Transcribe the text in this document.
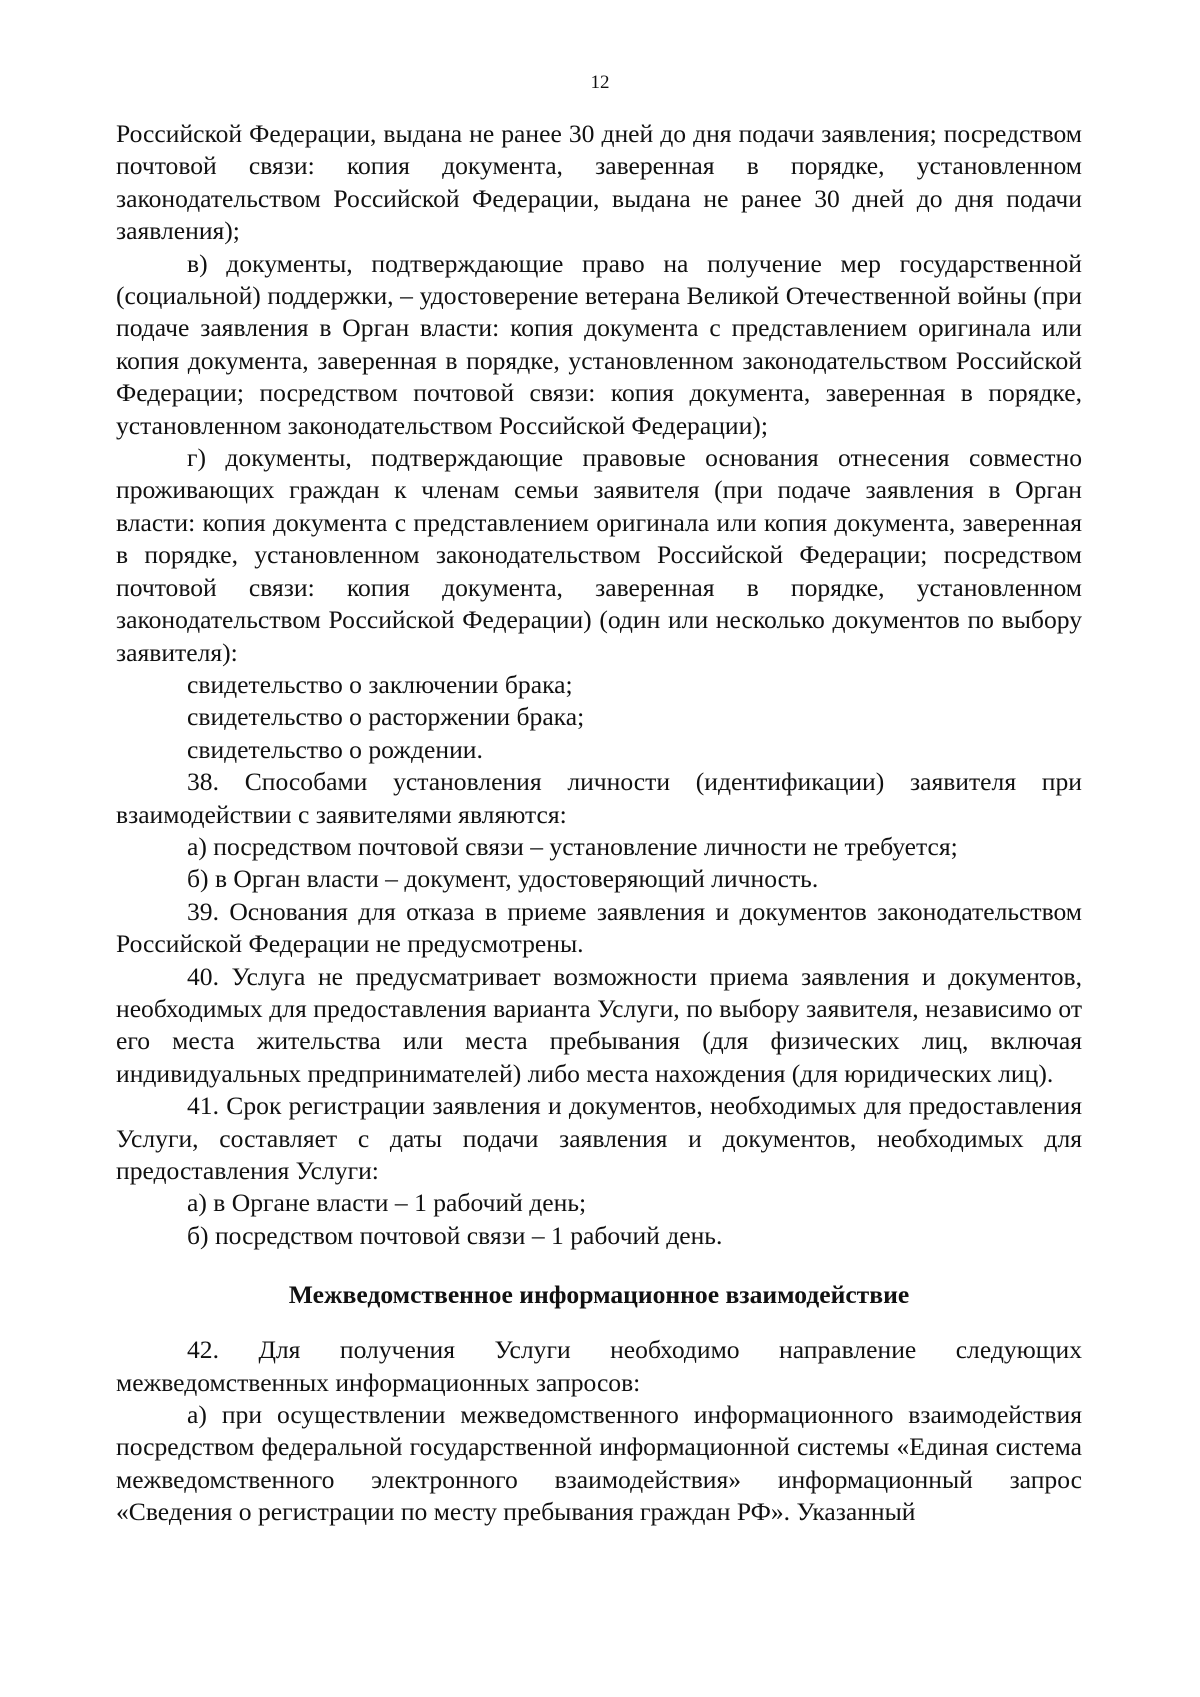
12

Российской Федерации, выдана не ранее 30 дней до дня подачи заявления; посредством почтовой связи: копия документа, заверенная в порядке, установленном законодательством Российской Федерации, выдана не ранее 30 дней до дня подачи заявления);

в) документы, подтверждающие право на получение мер государственной (социальной) поддержки, – удостоверение ветерана Великой Отечественной войны (при подаче заявления в Орган власти: копия документа с представлением оригинала или копия документа, заверенная в порядке, установленном законодательством Российской Федерации; посредством почтовой связи: копия документа, заверенная в порядке, установленном законодательством Российской Федерации);

г) документы, подтверждающие правовые основания отнесения совместно проживающих граждан к членам семьи заявителя (при подаче заявления в Орган власти: копия документа с представлением оригинала или копия документа, заверенная в порядке, установленном законодательством Российской Федерации; посредством почтовой связи: копия документа, заверенная в порядке, установленном законодательством Российской Федерации) (один или несколько документов по выбору заявителя):

свидетельство о заключении брака;

свидетельство о расторжении брака;

свидетельство о рождении.

38. Способами установления личности (идентификации) заявителя при взаимодействии с заявителями являются:

а) посредством почтовой связи – установление личности не требуется;

б) в Орган власти – документ, удостоверяющий личность.

39. Основания для отказа в приеме заявления и документов законодательством Российской Федерации не предусмотрены.

40. Услуга не предусматривает возможности приема заявления и документов, необходимых для предоставления варианта Услуги, по выбору заявителя, независимо от его места жительства или места пребывания (для физических лиц, включая индивидуальных предпринимателей) либо места нахождения (для юридических лиц).

41. Срок регистрации заявления и документов, необходимых для предоставления Услуги, составляет с даты подачи заявления и документов, необходимых для предоставления Услуги:

а) в Органе власти – 1 рабочий день;

б) посредством почтовой связи – 1 рабочий день.

Межведомственное информационное взаимодействие

42. Для получения Услуги необходимо направление следующих межведомственных информационных запросов:

а) при осуществлении межведомственного информационного взаимодействия посредством федеральной государственной информационной системы «Единая система межведомственного электронного взаимодействия» информационный запрос «Сведения о регистрации по месту пребывания граждан РФ». Указанный
